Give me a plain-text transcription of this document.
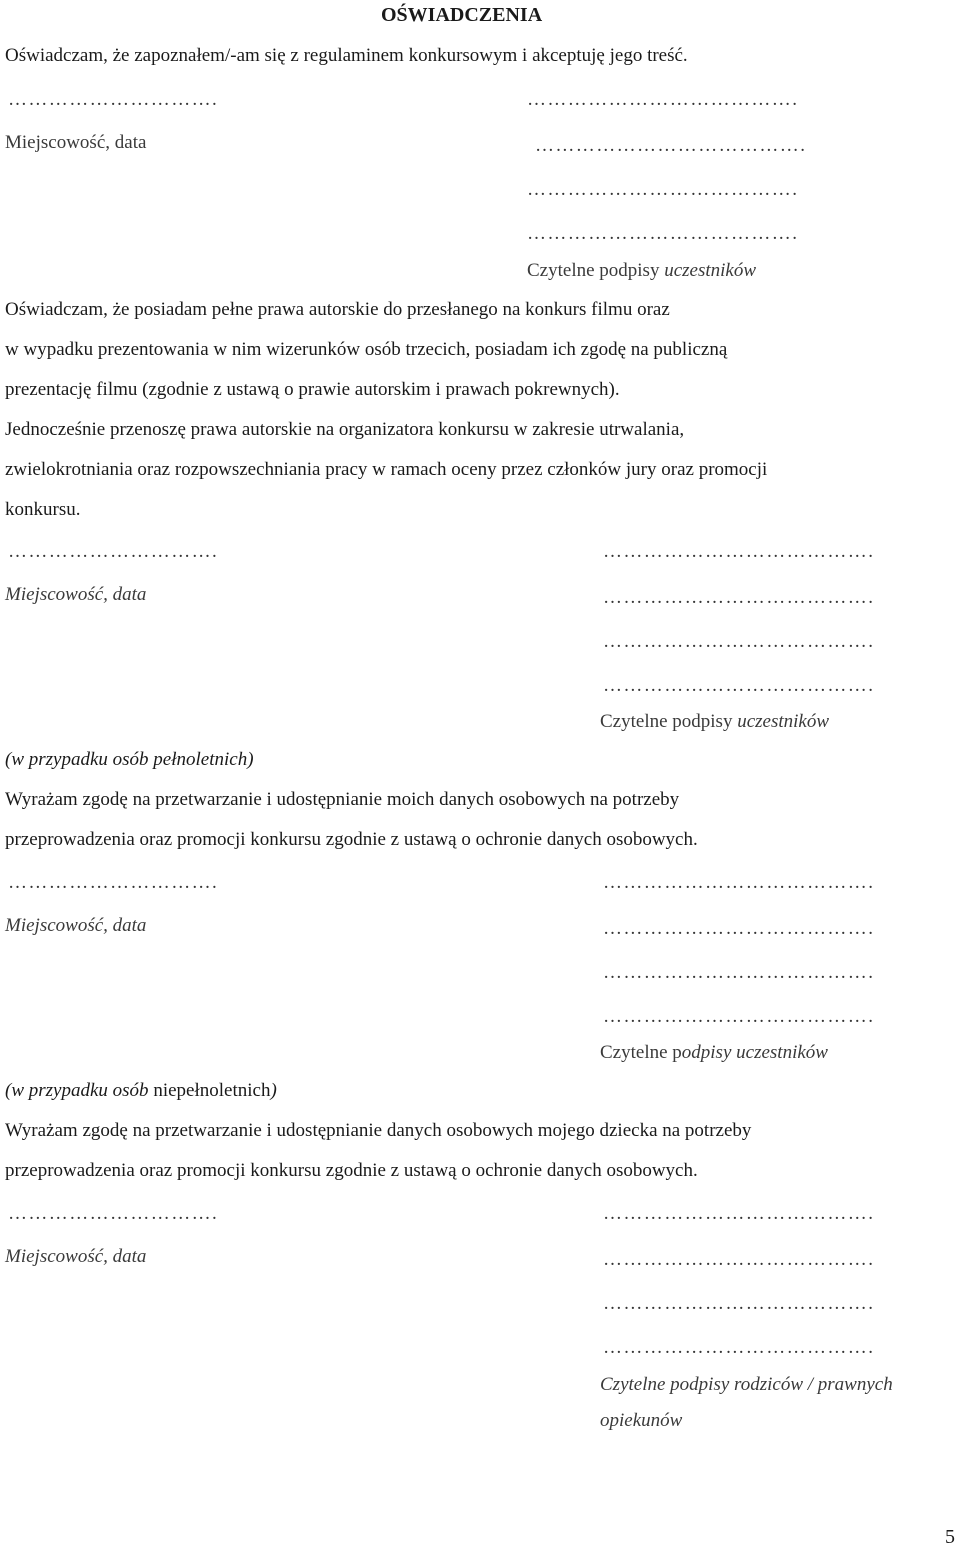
OŚWIADCZENIA
Oświadczam, że zapoznałem/-am się z regulaminem konkursowym i akceptuję jego treść.
………………………….
Miejscowość, data
………………………………….
………………………………….
………………………………….
………………………………….
Czytelne podpisy uczestników
Oświadczam, że posiadam pełne prawa autorskie do przesłanego na konkurs filmu oraz
w wypadku prezentowania w nim wizerunków osób trzecich, posiadam ich zgodę na publiczną
prezentację filmu (zgodnie z ustawą o prawie autorskim i prawach pokrewnych).
Jednocześnie przenoszę prawa autorskie na organizatora konkursu w zakresie utrwalania,
zwielokrotniania oraz rozpowszechniania pracy w ramach oceny przez członków jury oraz promocji
konkursu.
………………………….
Miejscowość, data
………………………………….
………………………………….
………………………………….
………………………………….
Czytelne podpisy uczestników
(w przypadku osób pełnoletnich)
Wyrażam zgodę na przetwarzanie i udostępnianie moich danych osobowych na potrzeby
przeprowadzenia oraz promocji konkursu zgodnie z ustawą o ochronie danych osobowych.
………………………….
Miejscowość, data
………………………………….
………………………………….
………………………………….
………………………………….
Czytelne podpisy uczestników
(w przypadku osób niepełnoletnich)
Wyrażam zgodę na przetwarzanie i udostępnianie danych osobowych mojego dziecka na potrzeby
przeprowadzenia oraz promocji konkursu zgodnie z ustawą o ochronie danych osobowych.
………………………….
Miejscowość, data
………………………………….
………………………………….
………………………………….
………………………………….
Czytelne podpisy rodziców / prawnych
opiekunów
5
